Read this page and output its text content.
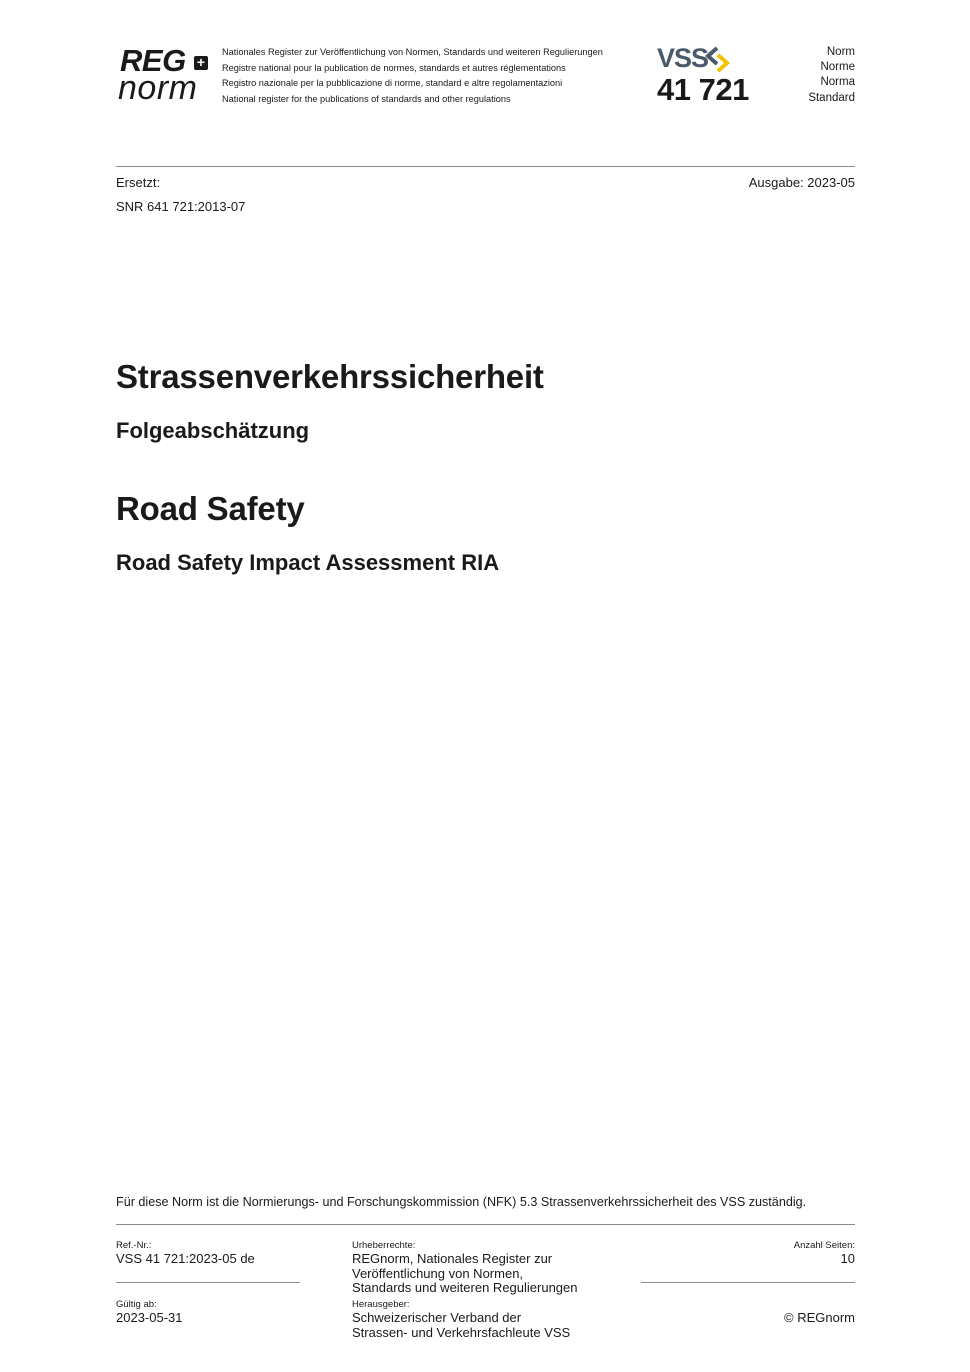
REG +
norm
Nationales Register zur Veröffentlichung von Normen, Standards und weiteren Regulierungen
Registre national pour la publication de normes, standards et autres réglementations
Registro nazionale per la pubblicazione di norme, standard e altre regolamentazioni
National register for the publications of standards and other regulations
VSS
41 721
Norm
Norme
Norma
Standard
Ersetzt:
SNR 641 721:2013-07
Ausgabe: 2023-05
Strassenverkehrssicherheit
Folgeabschätzung
Road Safety
Road Safety Impact Assessment RIA
Für diese Norm ist die Normierungs- und Forschungskommission (NFK) 5.3 Strassenverkehrssicherheit des VSS zuständig.
Ref.-Nr.:
VSS 41 721:2023-05 de
Gültig ab:
2023-05-31
Urheberrechte:
REGnorm, Nationales Register zur
Veröffentlichung von Normen,
Standards und weiteren Regulierungen
Herausgeber:
Schweizerischer Verband der
Strassen- und Verkehrsfachleute VSS
Anzahl Seiten:
10
© REGnorm
